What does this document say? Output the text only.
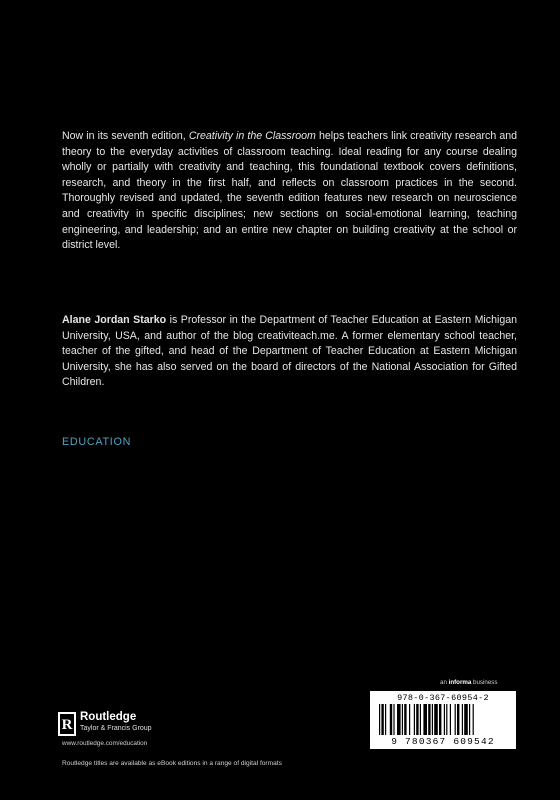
Now in its seventh edition, Creativity in the Classroom helps teachers link creativity research and theory to the everyday activities of classroom teaching. Ideal reading for any course dealing wholly or partially with creativity and teaching, this foundational textbook covers definitions, research, and theory in the first half, and reflects on classroom practices in the second. Thoroughly revised and updated, the seventh edition features new research on neuroscience and creativity in specific disciplines; new sections on social-emotional learning, teaching engineering, and leadership; and an entire new chapter on building creativity at the school or district level.

Alane Jordan Starko is Professor in the Department of Teacher Education at Eastern Michigan University, USA, and author of the blog creativiteach.me. A former elementary school teacher, teacher of the gifted, and head of the Department of Teacher Education at Eastern Michigan University, she has also served on the board of directors of the National Association for Gifted Children.

EDUCATION

an informa business
978-0-367-60954-2
9 780367 609542
R Routledge
Taylor & Francis Group
www.routledge.com/education
Routledge titles are available as eBook editions in a range of digital formats
